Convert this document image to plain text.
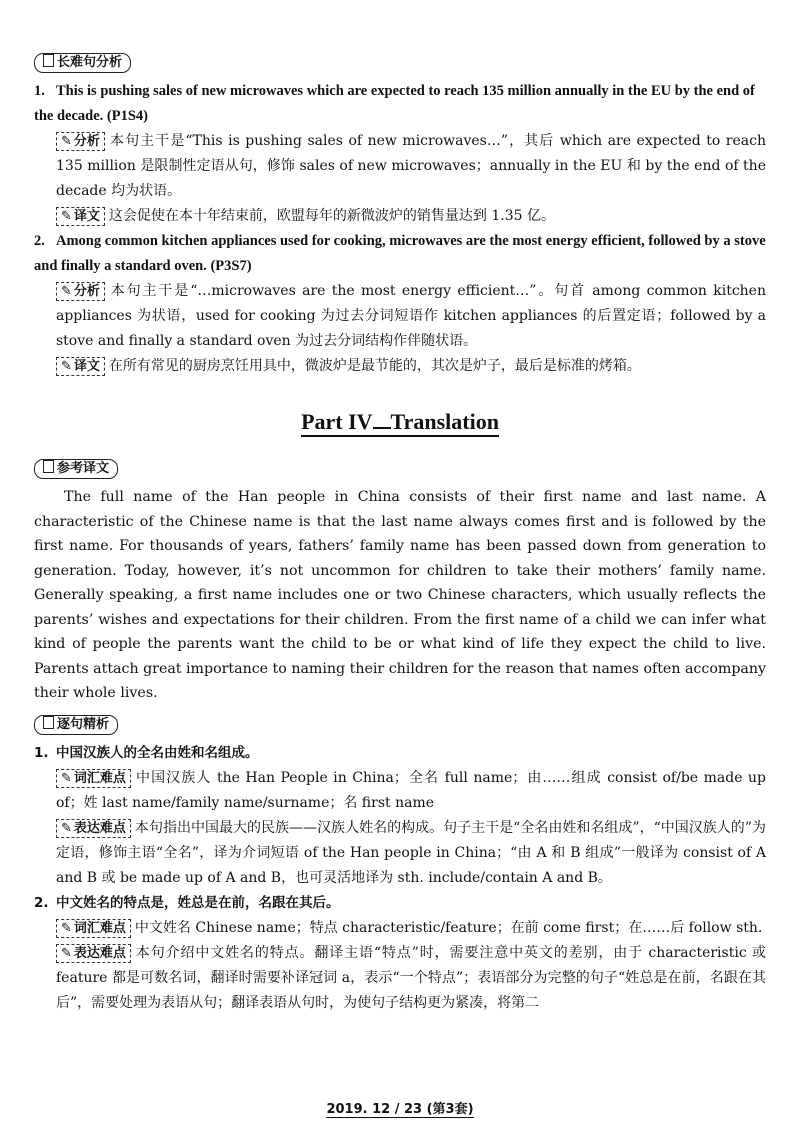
长难句分析
1. This is pushing sales of new microwaves which are expected to reach 135 million annually in the EU by the end of the decade. (P1S4)
✎ 分析 本句主干是“This is pushing sales of new microwaves…”，其后 which are expected to reach 135 million 是限制性定语从句，修饰 sales of new microwaves；annually in the EU 和 by the end of the decade 均为状语。
✎ 译文 这会促使在本十年结束前，欧盟每年的新微波炉的销售量达到 1.35 亿。
2. Among common kitchen appliances used for cooking, microwaves are the most energy efficient, followed by a stove and finally a standard oven. (P3S7)
✎ 分析 本句主干是“…microwaves are the most energy efficient…”。句首 among common kitchen appliances 为状语，used for cooking 为过去分词短语作 kitchen appliances 的后置定语；followed by a stove and finally a standard oven 为过去分词结构作伴随状语。
✎ 译文 在所有常见的厨房烹饪用具中，微波炉是最节能的，其次是炉子，最后是标准的烤箱。
Part IV Translation
参考译文
The full name of the Han people in China consists of their first name and last name. A characteristic of the Chinese name is that the last name always comes first and is followed by the first name. For thousands of years, fathers’ family name has been passed down from generation to generation. Today, however, it’s not uncommon for children to take their mothers’ family name. Generally speaking, a first name includes one or two Chinese characters, which usually reflects the parents’ wishes and expectations for their children. From the first name of a child we can infer what kind of people the parents want the child to be or what kind of life they expect the child to live. Parents attach great importance to naming their children for the reason that names often accompany their whole lives.
逐句精析
1. 中国汉族人的全名由姓和名组成。
✎ 词汇难点 中国汉族人 the Han People in China；全名 full name；由……组成 consist of/be made up of；姓 last name/family name/surname；名 first name
✎ 表达难点 本句指出中国最大的民族——汉族人姓名的构成。句子主干是“全名由姓和名组成”，“中国汉族人的”为定语，修饰主语“全名”，译为介词短语 of the Han people in China；“由 A 和 B 组成”一般译为 consist of A and B 或 be made up of A and B，也可灵活地译为 sth. include/contain A and B。
2. 中文姓名的特点是，姓总是在前，名跟在其后。
✎ 词汇难点 中文姓名 Chinese name；特点 characteristic/feature；在前 come first；在……后 follow sth.
✎ 表达难点 本句介绍中文姓名的特点。翻译主语“特点”时，需要注意中英文的差别，由于 characteristic 或 feature 都是可数名词，翻译时需要补译冠词 a，表示“一个特点”；表语部分为完整的句子“姓总是在前，名跟在其后”，需要处理为表语从句；翻译表语从句时，为使句子结构更为紧凑，将第二
2019. 12 / 23 (第3套)
